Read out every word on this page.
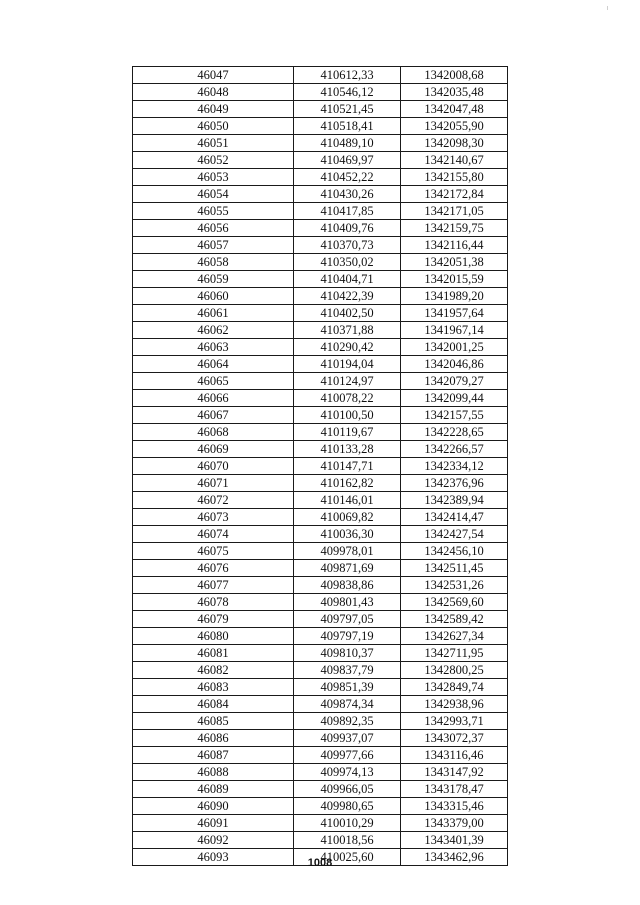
46047	410612,33	1342008,68
46048	410546,12	1342035,48
46049	410521,45	1342047,48
46050	410518,41	1342055,90
46051	410489,10	1342098,30
46052	410469,97	1342140,67
46053	410452,22	1342155,80
46054	410430,26	1342172,84
46055	410417,85	1342171,05
46056	410409,76	1342159,75
46057	410370,73	1342116,44
46058	410350,02	1342051,38
46059	410404,71	1342015,59
46060	410422,39	1341989,20
46061	410402,50	1341957,64
46062	410371,88	1341967,14
46063	410290,42	1342001,25
46064	410194,04	1342046,86
46065	410124,97	1342079,27
46066	410078,22	1342099,44
46067	410100,50	1342157,55
46068	410119,67	1342228,65
46069	410133,28	1342266,57
46070	410147,71	1342334,12
46071	410162,82	1342376,96
46072	410146,01	1342389,94
46073	410069,82	1342414,47
46074	410036,30	1342427,54
46075	409978,01	1342456,10
46076	409871,69	1342511,45
46077	409838,86	1342531,26
46078	409801,43	1342569,60
46079	409797,05	1342589,42
46080	409797,19	1342627,34
46081	409810,37	1342711,95
46082	409837,79	1342800,25
46083	409851,39	1342849,74
46084	409874,34	1342938,96
46085	409892,35	1342993,71
46086	409937,07	1343072,37
46087	409977,66	1343116,46
46088	409974,13	1343147,92
46089	409966,05	1343178,47
46090	409980,65	1343315,46
46091	410010,29	1343379,00
46092	410018,56	1343401,39
46093	410025,60	1343462,96
1008
